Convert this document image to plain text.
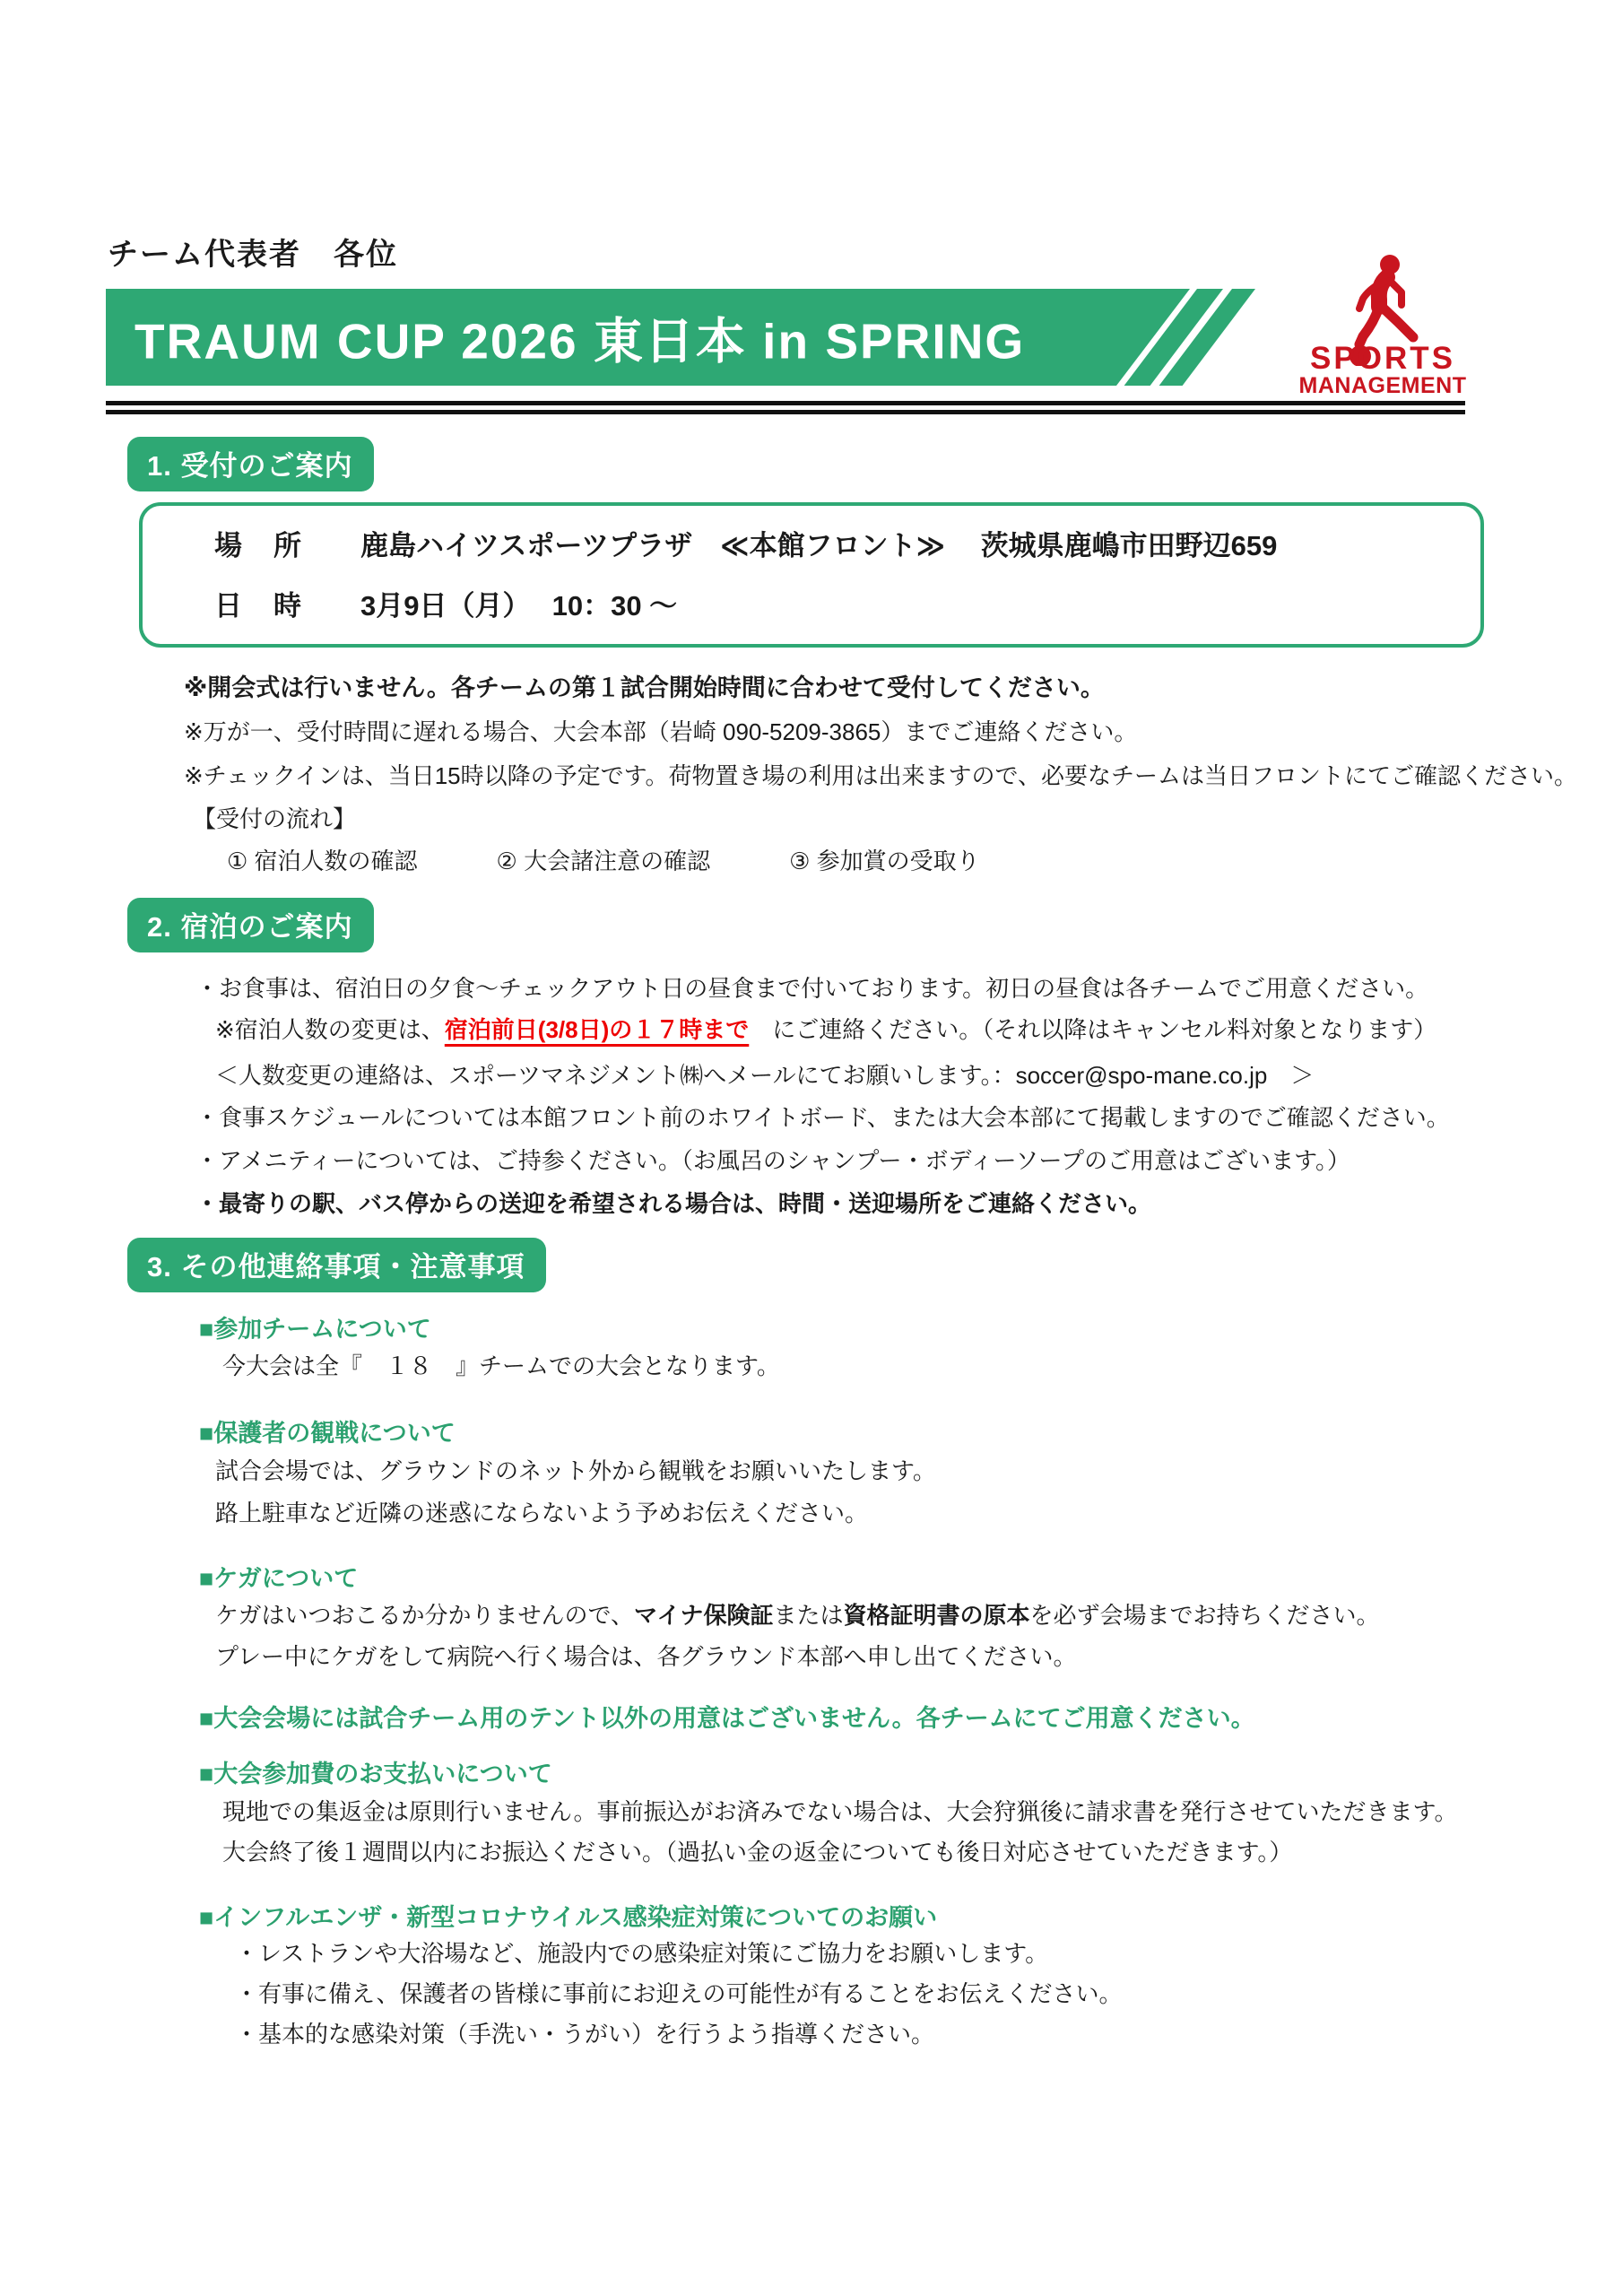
チーム代表者　各位
TRAUM CUP 2026 東日本 in SPRING	SPORTS
MANAGEMENT
1. 受付のご案内
場　所 鹿島ハイツスポーツプラザ　≪本館フロント≫　 茨城県鹿嶋市田野辺659
日　時 3月9日（月）　 10：30 ～
※開会式は行いません。各チームの第１試合開始時間に合わせて受付してください。
※万が一、受付時間に遅れる場合、大会本部（岩崎 090-5209-3865）までご連絡ください。
※チェックインは、当日15時以降の予定です。荷物置き場の利用は出来ますので、必要なチームは当日フロントにてご確認ください。
【受付の流れ】
① 宿泊人数の確認	② 大会諸注意の確認	③ 参加賞の受取り
2. 宿泊のご案内
・お食事は、宿泊日の夕食～チェックアウト日の昼食まで付いております。初日の昼食は各チームでご用意ください。
※宿泊人数の変更は、宿泊前日(3/8日)の１７時まで　にご連絡ください。（それ以降はキャンセル料対象となります）
＜人数変更の連絡は、スポーツマネジメント㈱へメールにてお願いします。：soccer@spo-mane.co.jp　＞
・食事スケジュールについては本館フロント前のホワイトボード、または大会本部にて掲載しますのでご確認ください。
・アメニティーについては、ご持参ください。（お風呂のシャンプー・ボディーソープのご用意はございます。）
・最寄りの駅、バス停からの送迎を希望される場合は、時間・送迎場所をご連絡ください。
3. その他連絡事項・注意事項
■参加チームについて
今大会は全『　１８　』チームでの大会となります。
■保護者の観戦について
試合会場では、グラウンドのネット外から観戦をお願いいたします。
路上駐車など近隣の迷惑にならないよう予めお伝えください。
■ケガについて
ケガはいつおこるか分かりませんので、マイナ保険証または資格証明書の原本を必ず会場までお持ちください。
プレー中にケガをして病院へ行く場合は、各グラウンド本部へ申し出てください。
■大会会場には試合チーム用のテント以外の用意はございません。各チームにてご用意ください。
■大会参加費のお支払いについて
現地での集返金は原則行いません。事前振込がお済みでない場合は、大会狩猟後に請求書を発行させていただきます。
大会終了後１週間以内にお振込ください。（過払い金の返金についても後日対応させていただきます。）
■インフルエンザ・新型コロナウイルス感染症対策についてのお願い
・レストランや大浴場など、施設内での感染症対策にご協力をお願いします。
・有事に備え、保護者の皆様に事前にお迎えの可能性が有ることをお伝えください。
・基本的な感染対策（手洗い・うがい）を行うよう指導ください。
